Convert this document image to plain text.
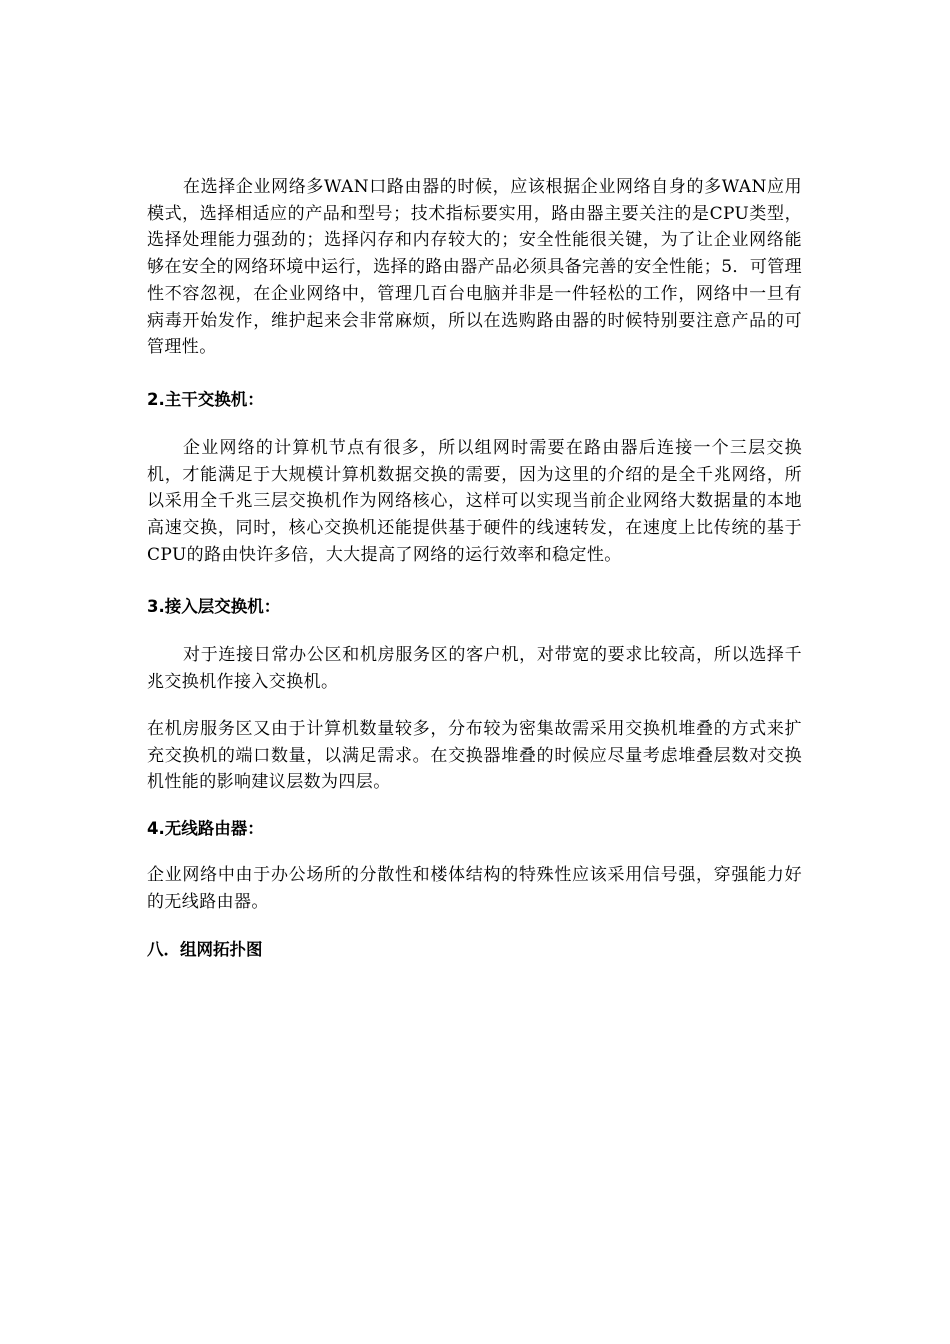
在选择企业网络多WAN口路由器的时候，应该根据企业网络自身的多WAN应用模式，选择相适应的产品和型号；技术指标要实用，路由器主要关注的是CPU类型，选择处理能力强劲的；选择闪存和内存较大的；安全性能很关键，为了让企业网络能够在安全的网络环境中运行，选择的路由器产品必须具备完善的安全性能；5．可管理性不容忽视，在企业网络中，管理几百台电脑并非是一件轻松的工作，网络中一旦有病毒开始发作，维护起来会非常麻烦，所以在选购路由器的时候特别要注意产品的可管理性。

2.主干交换机：

企业网络的计算机节点有很多，所以组网时需要在路由器后连接一个三层交换机，才能满足于大规模计算机数据交换的需要，因为这里的介绍的是全千兆网络，所以采用全千兆三层交换机作为网络核心，这样可以实现当前企业网络大数据量的本地高速交换，同时，核心交换机还能提供基于硬件的线速转发，在速度上比传统的基于CPU的路由快许多倍，大大提高了网络的运行效率和稳定性。

3.接入层交换机：

对于连接日常办公区和机房服务区的客户机，对带宽的要求比较高，所以选择千兆交换机作接入交换机。

在机房服务区又由于计算机数量较多，分布较为密集故需采用交换机堆叠的方式来扩充交换机的端口数量，以满足需求。在交换器堆叠的时候应尽量考虑堆叠层数对交换机性能的影响建议层数为四层。

4.无线路由器：

企业网络中由于办公场所的分散性和楼体结构的特殊性应该采用信号强，穿强能力好的无线路由器。

八．组网拓扑图
